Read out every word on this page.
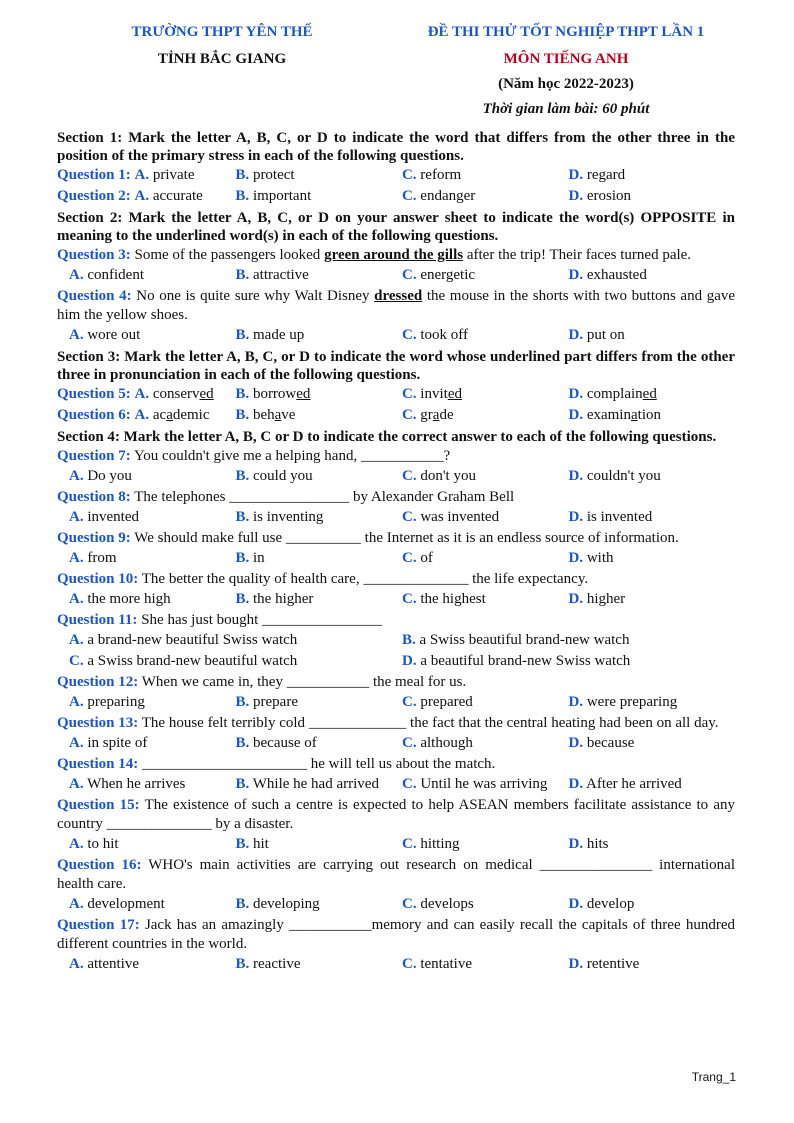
TRƯỜNG THPT YÊN THẾ
TỈNH BẮC GIANG
ĐỀ THI THỬ TỐT NGHIỆP THPT LẦN 1
MÔN TIẾNG ANH
(Năm học 2022-2023)
Thời gian làm bài: 60 phút
Section 1: Mark the letter A, B, C, or D to indicate the word that differs from the other three in the position of the primary stress in each of the following questions.
Question 1: A. private	B. protect	C. reform	D. regard
Question 2: A. accurate	B. important	C. endanger	D. erosion
Section 2: Mark the letter A, B, C, or D on your answer sheet to indicate the word(s) OPPOSITE in meaning to the underlined word(s) in each of the following questions.
Question 3: Some of the passengers looked green around the gills after the trip! Their faces turned pale.
A. confident	B. attractive	C. energetic	D. exhausted
Question 4: No one is quite sure why Walt Disney dressed the mouse in the shorts with two buttons and gave him the yellow shoes.
A. wore out	B. made up	C. took off	D. put on
Section 3: Mark the letter A, B, C, or D to indicate the word whose underlined part differs from the other three in pronunciation in each of the following questions.
Question 5: A. conserved	B. borrowed	C. invited	D. complained
Question 6: A. academic	B. behave	C. grade	D. examination
Section 4: Mark the letter A, B, C or D to indicate the correct answer to each of the following questions.
Question 7: You couldn't give me a helping hand, ___________?
A. Do you	B. could you	C. don't you	D. couldn't you
Question 8: The telephones ________________ by Alexander Graham Bell
A. invented	B. is inventing	C. was invented	D. is invented
Question 9: We should make full use __________ the Internet as it is an endless source of information.
A. from	B. in	C. of	D. with
Question 10: The better the quality of health care, ______________ the life expectancy.
A. the more high	B. the higher	C. the highest	D. higher
Question 11: She has just bought ________________
A. a brand-new beautiful Swiss watch	B. a Swiss beautiful brand-new watch
C. a Swiss brand-new beautiful watch	D. a beautiful brand-new Swiss watch
Question 12: When we came in, they ___________ the meal for us.
A. preparing	B. prepare	C. prepared	D. were preparing
Question 13: The house felt terribly cold _____________ the fact that the central heating had been on all day.
A. in spite of	B. because of	C. although	D. because
Question 14: ______________________ he will tell us about the match.
A. When he arrives	B. While he had arrived	C. Until he was arriving	D. After he arrived
Question 15: The existence of such a centre is expected to help ASEAN members facilitate assistance to any country ______________ by a disaster.
A. to hit	B. hit	C. hitting	D. hits
Question 16: WHO's main activities are carrying out research on medical _______________ international health care.
A. development	B. developing	C. develops	D. develop
Question 17: Jack has an amazingly ___________memory and can easily recall the capitals of three hundred different countries in the world.
A. attentive	B. reactive	C. tentative	D. retentive
Trang_1
